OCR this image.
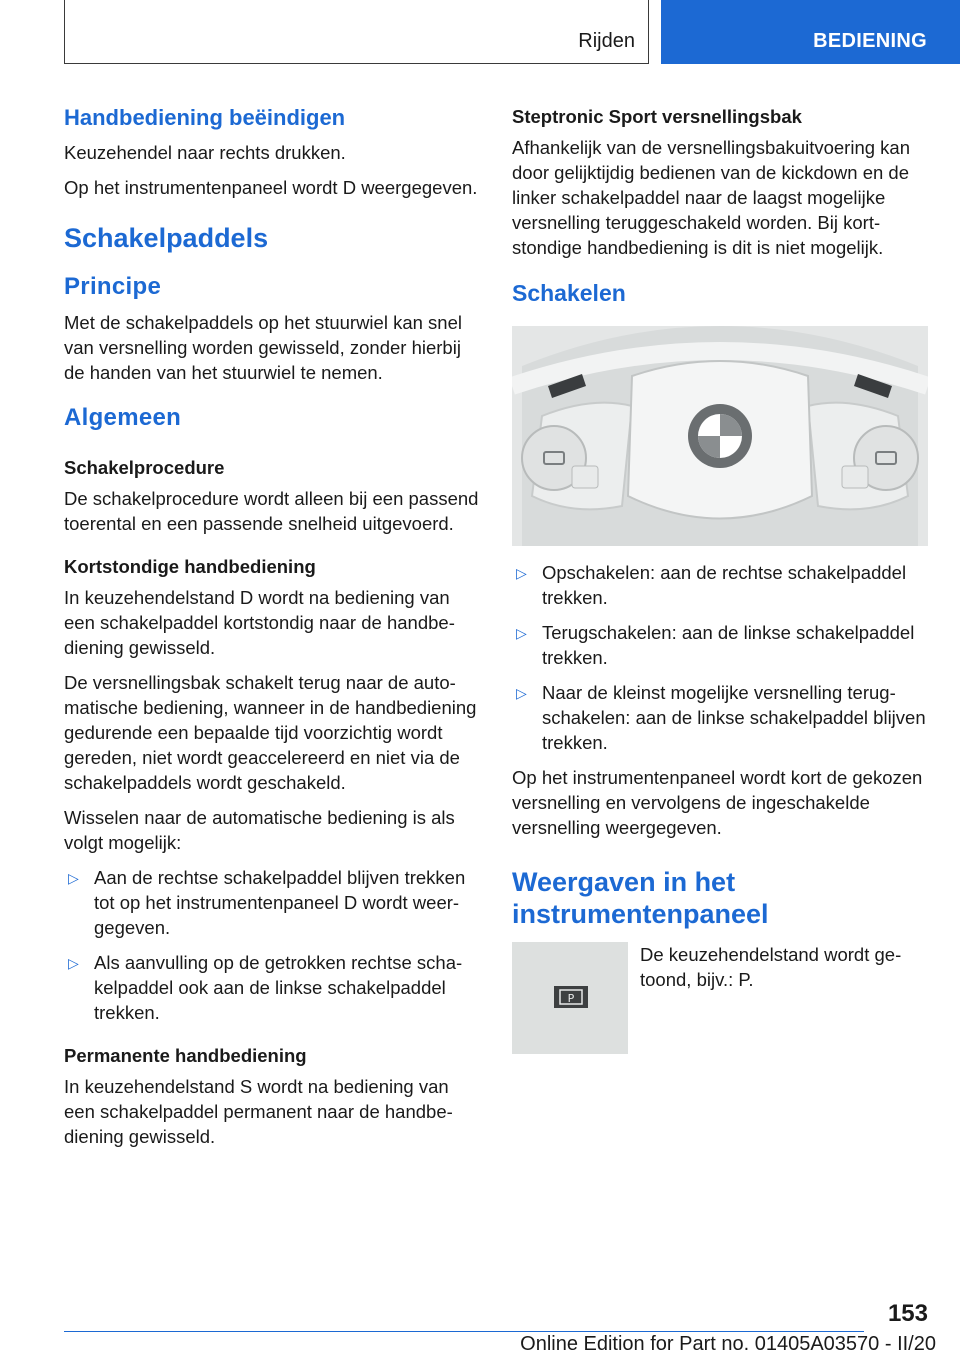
Rijden	BEDIENING
Handbediening beëindigen

Keuzehendel naar rechts drukken.

Op het instrumentenpaneel wordt D weergegeven.

Schakelpaddels
Principe

Met de schakelpaddels op het stuurwiel kan snel van versnelling worden gewisseld, zonder hierbij de handen van het stuurwiel te nemen.

Algemeen
Schakelprocedure

De schakelprocedure wordt alleen bij een passend toerental en een passende snelheid uitgevoerd.

Kortstondige handbediening

In keuzehendelstand D wordt na bediening van een schakelpaddel kortstondig naar de handbediening gewisseld.

De versnellingsbak schakelt terug naar de automatische bediening, wanneer in de handbediening gedurende een bepaalde tijd voorzichtig wordt gereden, niet wordt geaccelereerd en niet via de schakelpaddels wordt geschakeld.

Wisselen naar de automatische bediening is als volgt mogelijk:

▷ Aan de rechtse schakelpaddel blijven trekken tot op het instrumentenpaneel D wordt weergegeven.
▷ Als aanvulling op de getrokken rechtse schakelpaddel ook aan de linkse schakelpaddel trekken.
Permanente handbediening

In keuzehendelstand S wordt na bediening van een schakelpaddel permanent naar de handbediening gewisseld.

Steptronic Sport versnellingsbak

Afhankelijk van de versnellingsbakuitvoering kan door gelijktijdig bedienen van de kickdown en de linker schakelpaddel naar de laagst mogelijke versnelling teruggeschakeld worden. Bij kortstondige handbediening is dit is niet mogelijk.

Schakelen
▷ Opschakelen: aan de rechtse schakelpaddel trekken.
▷ Terugschakelen: aan de linkse schakelpaddel trekken.
▷ Naar de kleinst mogelijke versnelling terugschakelen: aan de linkse schakelpaddel blijven trekken.

Op het instrumentenpaneel wordt kort de gekozen versnelling en vervolgens de ingeschakelde versnelling weergegeven.

Weergaven in het instrumentenpaneel
P

De keuzehendelstand wordt getoond, bijv.: P.

153
Online Edition for Part no. 01405A03570 - II/20
